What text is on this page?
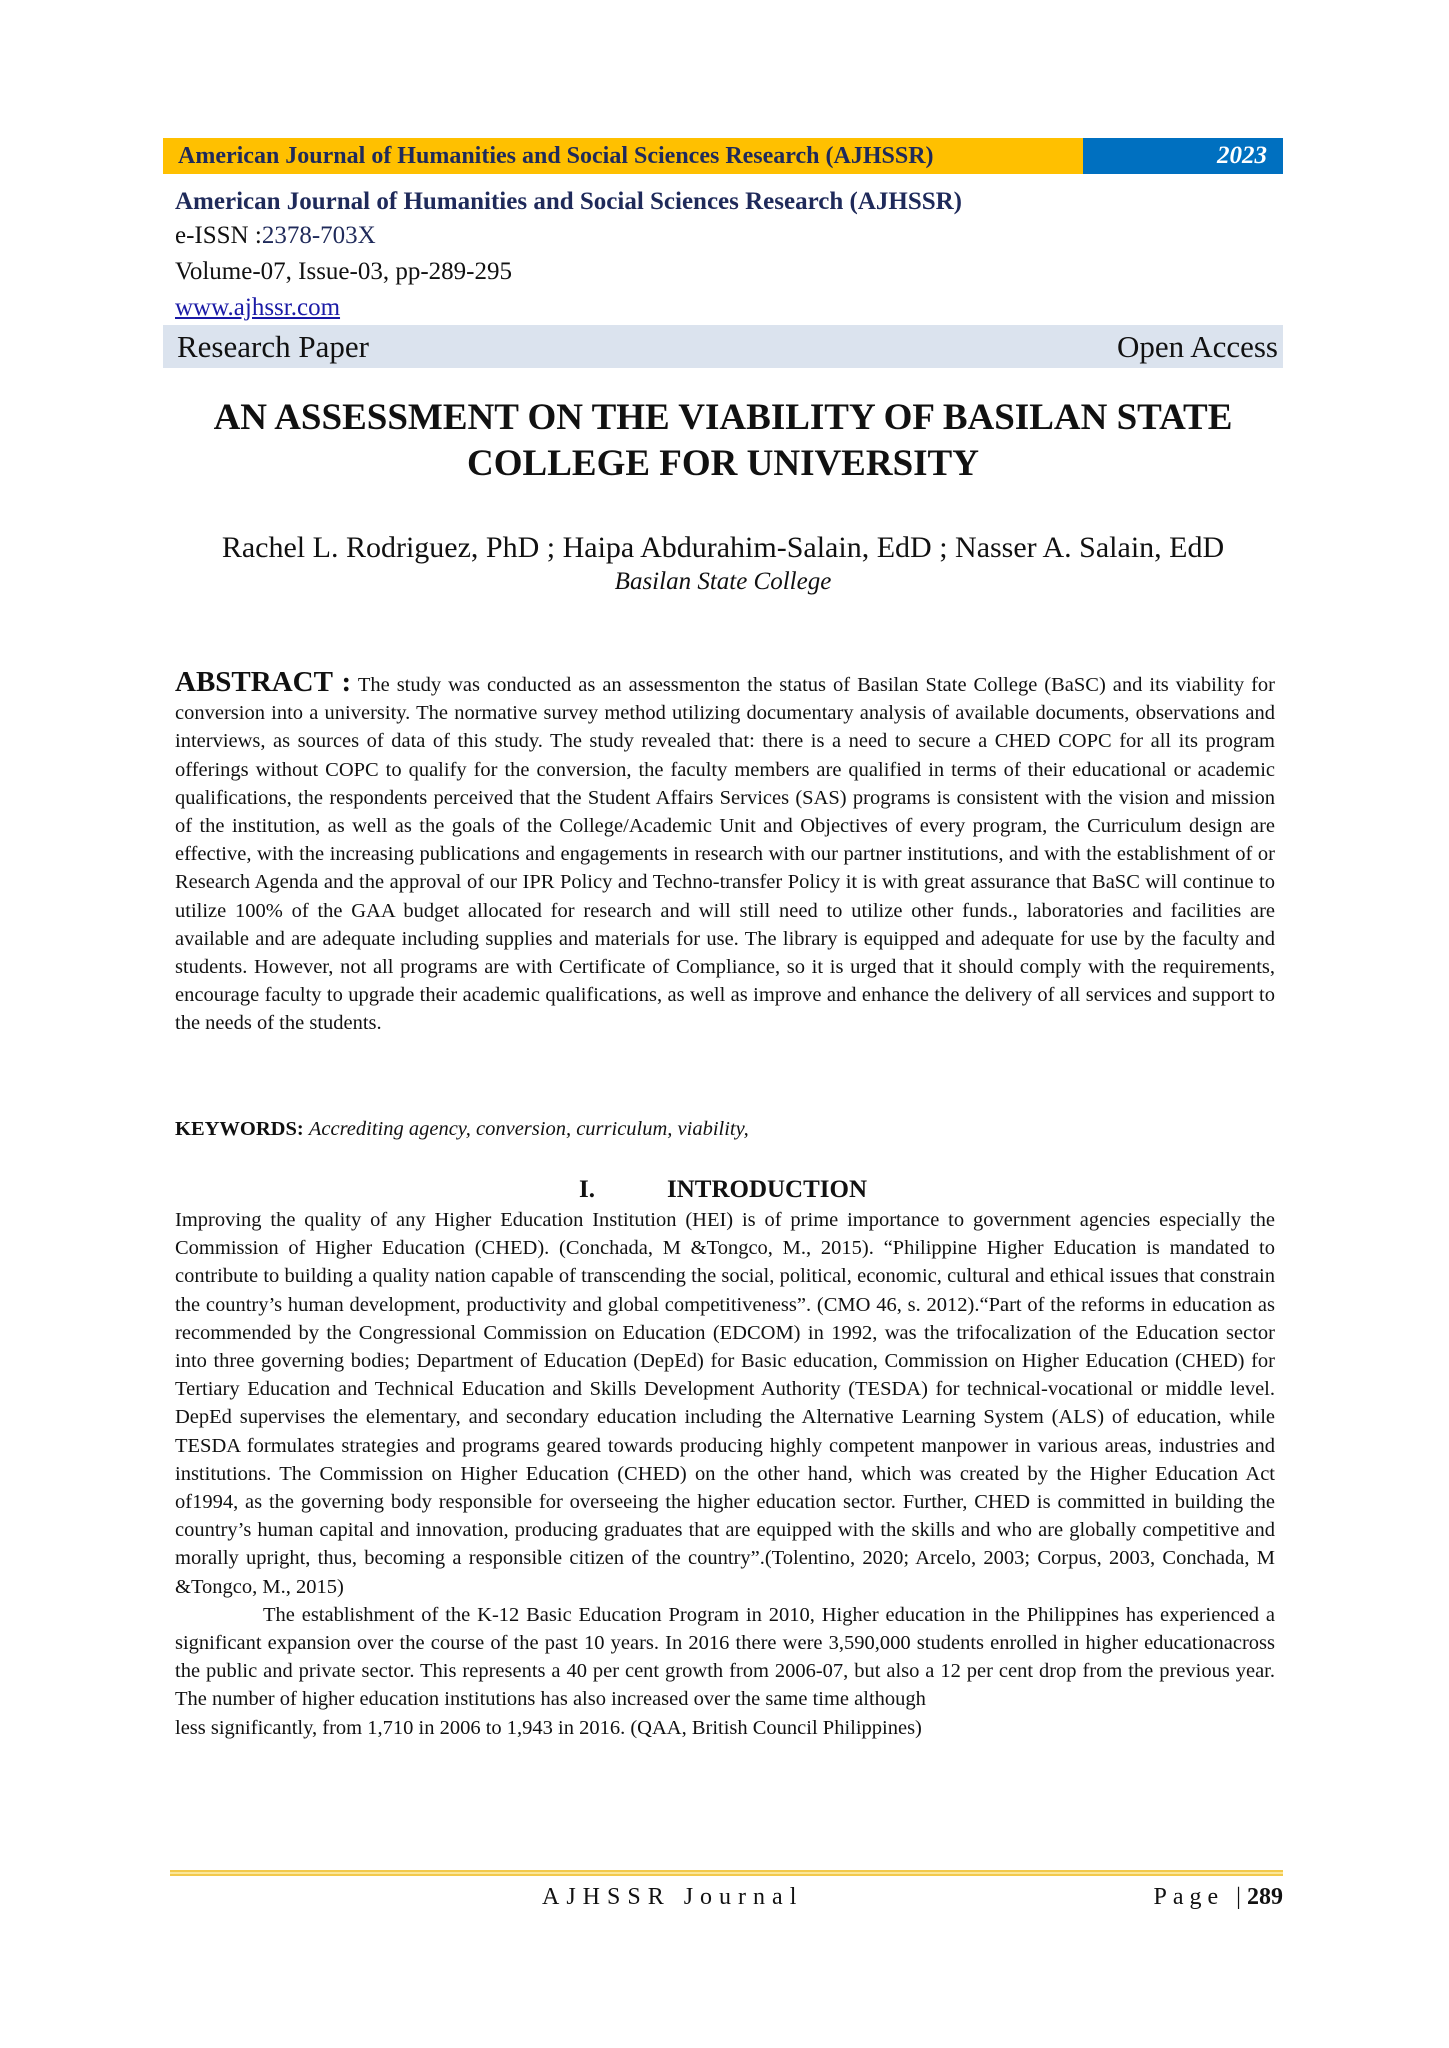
American Journal of Humanities and Social Sciences Research (AJHSSR)	2023
American Journal of Humanities and Social Sciences Research (AJHSSR)
e-ISSN :2378-703X
Volume-07, Issue-03, pp-289-295
www.ajhssr.com
Research Paper	Open Access
AN ASSESSMENT ON THE VIABILITY OF BASILAN STATE
COLLEGE FOR UNIVERSITY
Rachel L. Rodriguez, PhD ; Haipa Abdurahim-Salain, EdD ; Nasser A. Salain, EdD
Basilan State College
ABSTRACT : The study was conducted as an assessmenton the status of Basilan State College (BaSC) and its viability for conversion into a university. The normative survey method utilizing documentary analysis of available documents, observations and interviews, as sources of data of this study. The study revealed that: there is a need to secure a CHED COPC for all its program offerings without COPC to qualify for the conversion, the faculty members are qualified in terms of their educational or academic qualifications, the respondents perceived that the Student Affairs Services (SAS) programs is consistent with the vision and mission of the institution, as well as the goals of the College/Academic Unit and Objectives of every program, the Curriculum design are effective, with the increasing publications and engagements in research with our partner institutions, and with the establishment of or Research Agenda and the approval of our IPR Policy and Techno-transfer Policy it is with great assurance that BaSC will continue to utilize 100% of the GAA budget allocated for research and will still need to utilize other funds., laboratories and facilities are available and are adequate including supplies and materials for use. The library is equipped and adequate for use by the faculty and students. However, not all programs are with Certificate of Compliance, so it is urged that it should comply with the requirements, encourage faculty to upgrade their academic qualifications, as well as improve and enhance the delivery of all services and support to the needs of the students.
KEYWORDS: Accrediting agency, conversion, curriculum, viability,
I.	INTRODUCTION

Improving the quality of any Higher Education Institution (HEI) is of prime importance to government agencies especially the Commission of Higher Education (CHED). (Conchada, M &Tongco, M., 2015). “Philippine Higher Education is mandated to contribute to building a quality nation capable of transcending the social, political, economic, cultural and ethical issues that constrain the country’s human development, productivity and global competitiveness”. (CMO 46, s. 2012).“Part of the reforms in education as recommended by the Congressional Commission on Education (EDCOM) in 1992, was the trifocalization of the Education sector into three governing bodies; Department of Education (DepEd) for Basic education, Commission on Higher Education (CHED) for Tertiary Education and Technical Education and Skills Development Authority (TESDA) for technical-vocational or middle level. DepEd supervises the elementary, and secondary education including the Alternative Learning System (ALS) of education, while TESDA formulates strategies and programs geared towards producing highly competent manpower in various areas, industries and institutions. The Commission on Higher Education (CHED) on the other hand, which was created by the Higher Education Act of1994, as the governing body responsible for overseeing the higher education sector. Further, CHED is committed in building the country’s human capital and innovation, producing graduates that are equipped with the skills and who are globally competitive and morally upright, thus, becoming a responsible citizen of the country”.(Tolentino, 2020; Arcelo, 2003; Corpus, 2003, Conchada, M &Tongco, M., 2015)

The establishment of the K-12 Basic Education Program in 2010, Higher education in the Philippines has experienced a significant expansion over the course of the past 10 years. In 2016 there were 3,590,000 students enrolled in higher educationacross the public and private sector. This represents a 40 per cent growth from 2006-07, but also a 12 per cent drop from the previous year. The number of higher education institutions has also increased over the same time although

less significantly, from 1,710 in 2006 to 1,943 in 2016. (QAA, British Council Philippines)

AJHSSR Journal	Page |289
